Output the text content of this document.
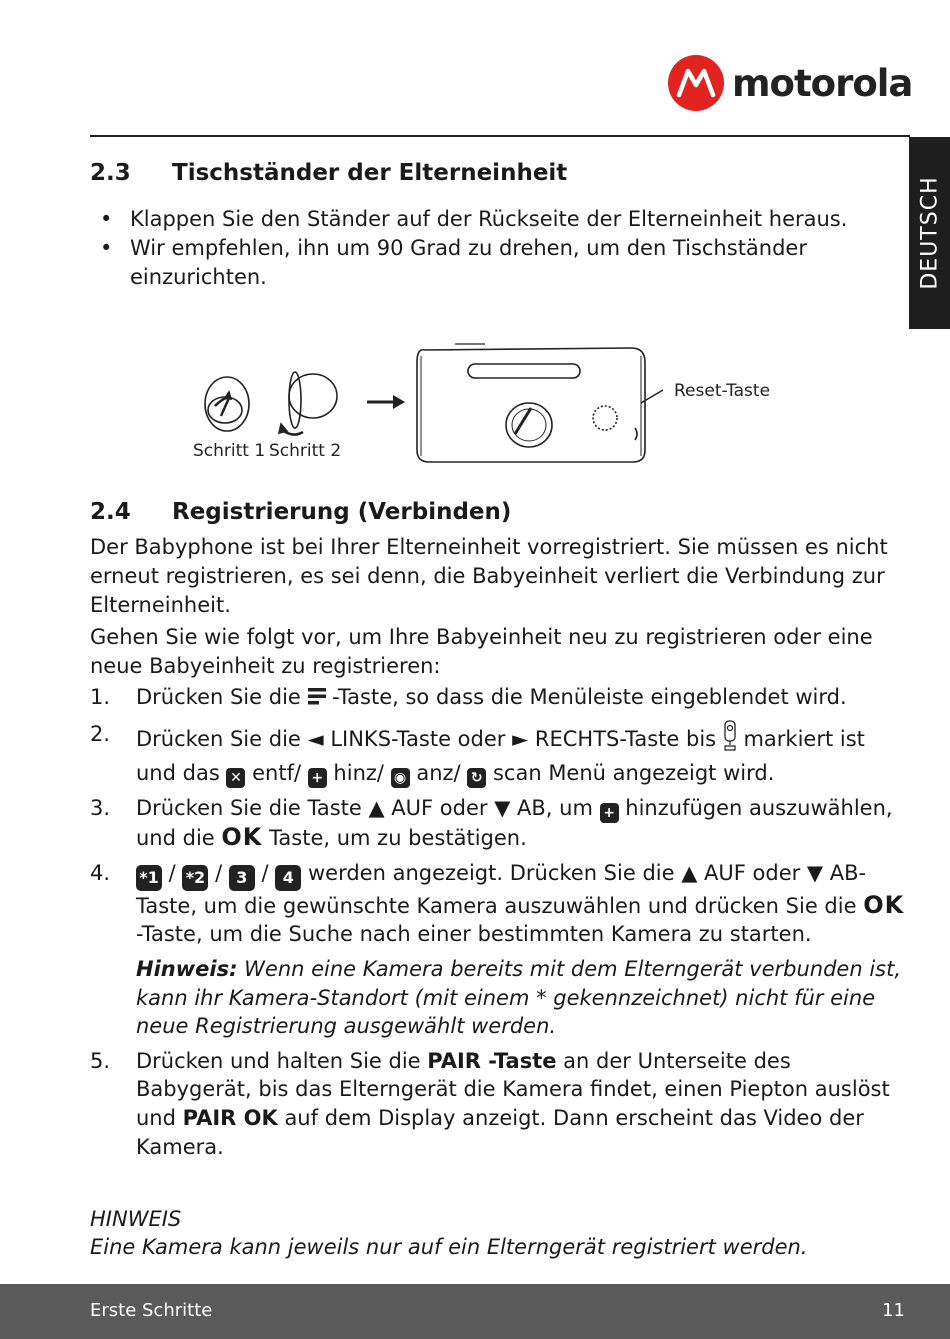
motorola
DEUTSCH
2.3 Tischständer der Elterneinheit
• Klappen Sie den Ständer auf der Rückseite der Elterneinheit heraus.
• Wir empfehlen, ihn um 90 Grad zu drehen, um den Tischständer einzurichten.
Schritt 1 Schritt 2
Reset-Taste
2.4 Registrierung (Verbinden)

Der Babyphone ist bei Ihrer Elterneinheit vorregistriert. Sie müssen es nicht erneut registrieren, es sei denn, die Babyeinheit verliert die Verbindung zur Elterneinheit.

Gehen Sie wie folgt vor, um Ihre Babyeinheit neu zu registrieren oder eine neue Babyeinheit zu registrieren:

1. Drücken Sie die  -Taste, so dass die Menüleiste eingeblendet wird.
2. Drücken Sie die ◄ LINKS-Taste oder ► RECHTS-Taste bis  markiert ist und das ✕ entf/ + hinz/ ◉ anz/ ↻ scan Menü angezeigt wird.
3. Drücken Sie die Taste ▲ AUF oder ▼ AB, um + hinzufügen auszuwählen, und die OK Taste, um zu bestätigen.
4. *1 / *2 / 3 / 4 werden angezeigt. Drücken Sie die ▲ AUF oder ▼ AB-Taste, um die gewünschte Kamera auszuwählen und drücken Sie die OK -Taste, um die Suche nach einer bestimmten Kamera zu starten.
Hinweis: Wenn eine Kamera bereits mit dem Elterngerät verbunden ist, kann ihr Kamera-Standort (mit einem * gekennzeichnet) nicht für eine neue Registrierung ausgewählt werden.
5. Drücken und halten Sie die PAIR -Taste an der Unterseite des Babygerät, bis das Elterngerät die Kamera findet, einen Piepton auslöst und PAIR OK auf dem Display anzeigt. Dann erscheint das Video der Kamera.
HINWEIS
Eine Kamera kann jeweils nur auf ein Elterngerät registriert werden.
Erste Schritte	11
